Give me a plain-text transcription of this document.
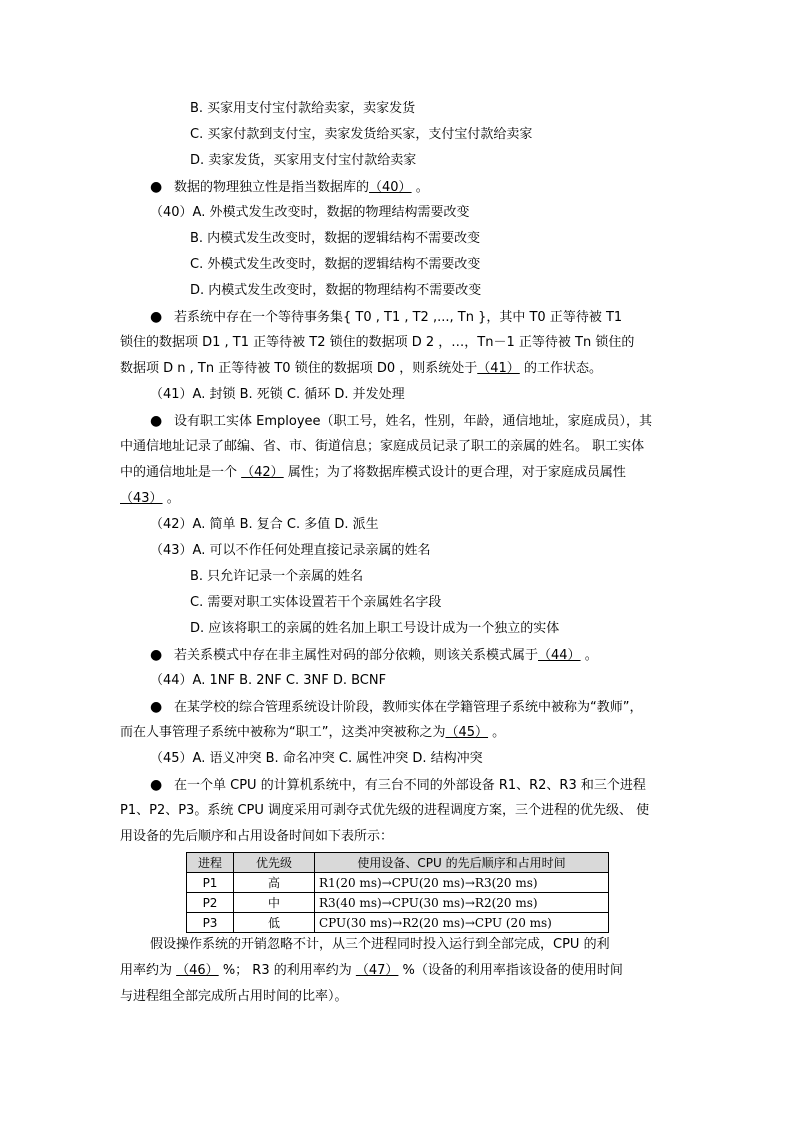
B. 买家用支付宝付款给卖家，卖家发货
C. 买家付款到支付宝，卖家发货给买家，支付宝付款给卖家
D. 卖家发货，买家用支付宝付款给卖家
● 数据的物理独立性是指当数据库的（40） 。
（40）A. 外模式发生改变时，数据的物理结构需要改变
B. 内模式发生改变时，数据的逻辑结构不需要改变
C. 外模式发生改变时，数据的逻辑结构不需要改变
D. 内模式发生改变时，数据的物理结构不需要改变
● 若系统中存在一个等待事务集{ T0 , T1 , T2 ,..., Tn }，其中 T0 正等待被 T1
锁住的数据项 D1 , T1 正等待被 T2 锁住的数据项 D 2 ，…，Tn－1 正等待被 Tn 锁住的
数据项 D n , Tn 正等待被 T0 锁住的数据项 D0 ，则系统处于（41） 的工作状态。
（41）A. 封锁 B. 死锁 C. 循环 D. 并发处理
● 设有职工实体 Employee（职工号，姓名，性别，年龄，通信地址，家庭成员），其
中通信地址记录了邮编、省、市、街道信息；家庭成员记录了职工的亲属的姓名。 职工实体
中的通信地址是一个 （42） 属性；为了将数据库模式设计的更合理，对于家庭成员属性
（43） 。
（42）A. 简单 B. 复合 C. 多值 D. 派生
（43）A. 可以不作任何处理直接记录亲属的姓名
B. 只允许记录一个亲属的姓名
C. 需要对职工实体设置若干个亲属姓名字段
D. 应该将职工的亲属的姓名加上职工号设计成为一个独立的实体
● 若关系模式中存在非主属性对码的部分依赖，则该关系模式属于（44） 。
（44）A. 1NF B. 2NF C. 3NF D. BCNF
● 在某学校的综合管理系统设计阶段，教师实体在学籍管理子系统中被称为“教师”，
而在人事管理子系统中被称为“职工”，这类冲突被称之为（45） 。
（45）A. 语义冲突 B. 命名冲突 C. 属性冲突 D. 结构冲突
● 在一个单 CPU 的计算机系统中，有三台不同的外部设备 R1、R2、R3 和三个进程
P1、P2、P3。系统 CPU 调度采用可剥夺式优先级的进程调度方案，三个进程的优先级、 使
用设备的先后顺序和占用设备时间如下表所示：
进程	优先级	使用设备、CPU 的先后顺序和占用时间
P1	高	R1(20 ms)→CPU(20 ms)→R3(20 ms)
P2	中	R3(40 ms)→CPU(30 ms)→R2(20 ms)
P3	低	CPU(30 ms)→R2(20 ms)→CPU (20 ms)
假设操作系统的开销忽略不计，从三个进程同时投入运行到全部完成，CPU 的利
用率约为 （46） %； R3 的利用率约为 （47） %（设备的利用率指该设备的使用时间
与进程组全部完成所占用时间的比率）。
